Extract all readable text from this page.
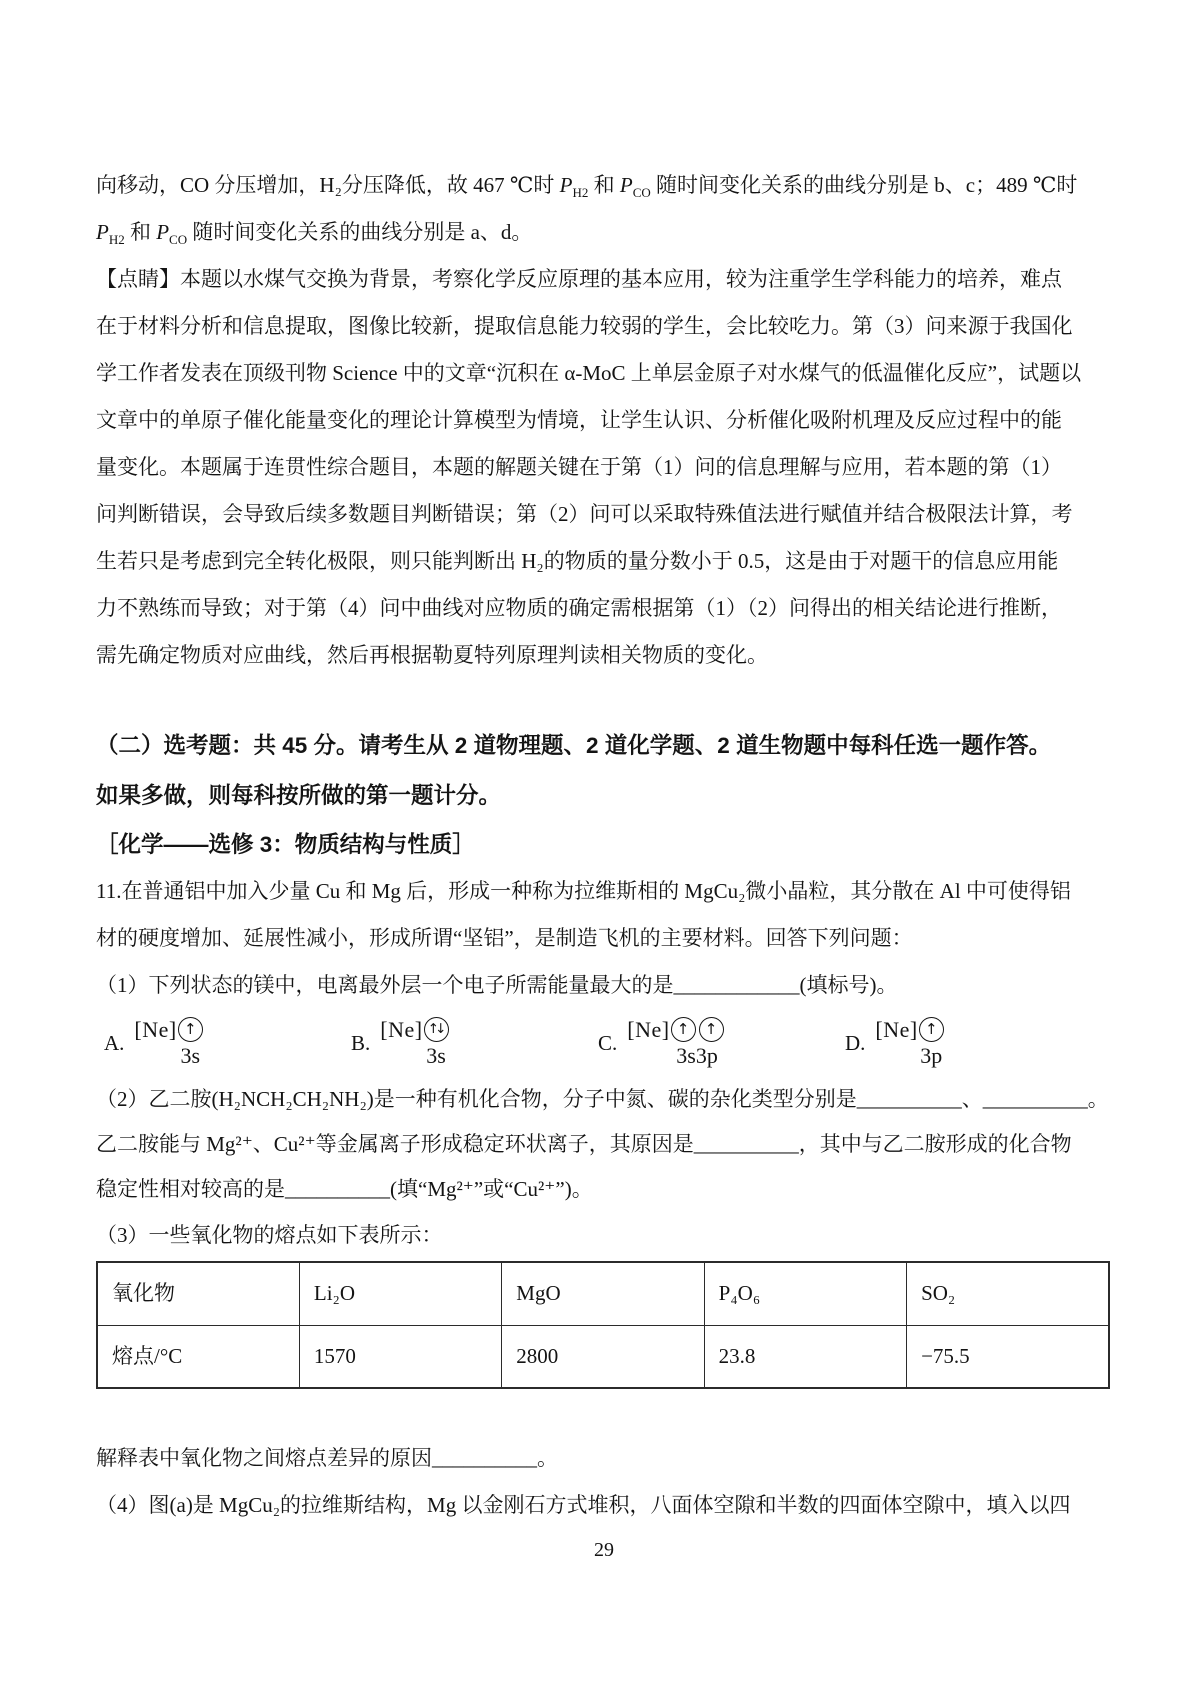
向移动，CO 分压增加，H₂分压降低，故 467 ℃时 $P_{H2}$ 和 $P_{CO}$ 随时间变化关系的曲线分别是 b、c；489 ℃时
$P_{H2}$ 和 $P_{CO}$ 随时间变化关系的曲线分别是 a、d。
【点睛】本题以水煤气交换为背景，考察化学反应原理的基本应用，较为注重学生学科能力的培养，难点
在于材料分析和信息提取，图像比较新，提取信息能力较弱的学生，会比较吃力。第（3）问来源于我国化
学工作者发表在顶级刊物 Science 中的文章“沉积在 α-MoC 上单层金原子对水煤气的低温催化反应”，试题以
文章中的单原子催化能量变化的理论计算模型为情境，让学生认识、分析催化吸附机理及反应过程中的能
量变化。本题属于连贯性综合题目，本题的解题关键在于第（1）问的信息理解与应用，若本题的第（1）
问判断错误，会导致后续多数题目判断错误；第（2）问可以采取特殊值法进行赋值并结合极限法计算，考
生若只是考虑到完全转化极限，则只能判断出 H₂的物质的量分数小于 0.5，这是由于对题干的信息应用能
力不熟练而导致；对于第（4）问中曲线对应物质的确定需根据第（1）（2）问得出的相关结论进行推断，
需先确定物质对应曲线，然后再根据勒夏特列原理判读相关物质的变化。
（二）选考题：共 45 分。请考生从 2 道物理题、2 道化学题、2 道生物题中每科任选一题作答。
如果多做，则每科按所做的第一题计分。
［化学——选修 3：物质结构与性质］
11.在普通铝中加入少量 Cu 和 Mg 后，形成一种称为拉维斯相的 MgCu₂微小晶粒，其分散在 Al 中可使得铝
材的硬度增加、延展性减小，形成所谓“坚铝”，是制造飞机的主要材料。回答下列问题：
（1）下列状态的镁中，电离最外层一个电子所需能量最大的是____________(填标号)。
A.
[Ne] ↑
3s
B.
[Ne] ↑↓
3s
C.
[Ne] ↑ ↑
3s3p
D.
[Ne] ↑
3p
（2）乙二胺(H₂NCH₂CH₂NH₂)是一种有机化合物，分子中氮、碳的杂化类型分别是__________、__________。
乙二胺能与 Mg²⁺、Cu²⁺等金属离子形成稳定环状离子，其原因是__________，其中与乙二胺形成的化合物
稳定性相对较高的是__________(填“Mg²⁺”或“Cu²⁺”)。
（3）一些氧化物的熔点如下表所示：
氧化物	Li₂O	MgO	P₄O₆	SO₂
熔点/°C	1570	2800	23.8	−75.5
解释表中氧化物之间熔点差异的原因__________。
（4）图(a)是 MgCu₂的拉维斯结构，Mg 以金刚石方式堆积，八面体空隙和半数的四面体空隙中，填入以四
29
